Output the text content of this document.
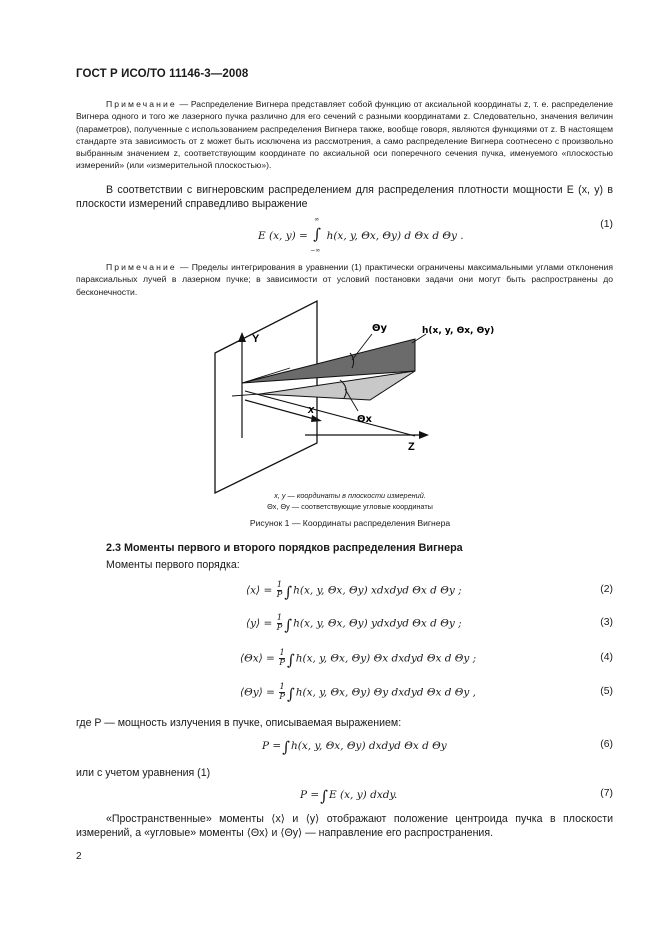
ГОСТ Р ИСО/ТО 11146-3—2008
Примечание — Распределение Вигнера представляет собой функцию от аксиальной координаты z, т. е. распределение Вигнера одного и того же лазерного пучка различно для его сечений с разными координатами z. Следовательно, значения величин (параметров), полученные с использованием распределения Вигнера также, вообще говоря, являются функциями от z. В настоящем стандарте эта зависимость от z может быть исключена из рассмотрения, а само распределение Вигнера соотнесено с произвольно выбранным значением z, соответствующим координате по аксиальной оси поперечного сечения пучка, именуемого «плоскостью измерений» (или «измерительной плоскостью»).
В соответствии с вигнеровским распределением для распределения плотности мощности E (x, y) в плоскости измерений справедливо выражение
E (x, y) = ∫
∞
−∞
h(x, y, Θx, Θy) d Θx d Θy .
(1)
Примечание — Пределы интегрирования в уравнении (1) практически ограничены максимальными углами отклонения параксиальных лучей в лазерном пучке; в зависимости от условий постановки задачи они могут быть распространены до бесконечности.
Y
x
Z
Θy
Θx
h(x, y, Θx, Θy)
x, y — координаты в плоскости измерений.
Θx, Θy — соответствующие угловые координаты
Рисунок 1 — Координаты распределения Вигнера
2.3 Моменты первого и второго порядков распределения Вигнера
Моменты первого порядка:
⟨x⟩ = $\frac{1}{P} \int h(x$, y, Θx, Θy) xdxdyd Θx d Θy ;	(2)
⟨y⟩ = $\frac{1}{P} \int h(x$, y, Θx, Θy) ydxdyd Θx d Θy ;	(3)
⟨Θx⟩ = $\frac{1}{P} \int h(x$, y, Θx, Θy) Θx dxdyd Θx d Θy ;	(4)
⟨Θy⟩ = $\frac{1}{P} \int h(x$, y, Θx, Θy) Θy dxdyd Θx d Θy ,	(5)
где P — мощность излучения в пучке, описываемая выражением:
P =∫h(x, y, Θx, Θy) dxdyd Θx d Θy	(6)
или с учетом уравнения (1)
P =∫E (x, y) dxdy.	(7)
«Пространственные» моменты ⟨x⟩ и ⟨y⟩ отображают положение центроида пучка в плоскости измерений, а «угловые» моменты ⟨Θx⟩ и ⟨Θy⟩ — направление его распространения.
2
